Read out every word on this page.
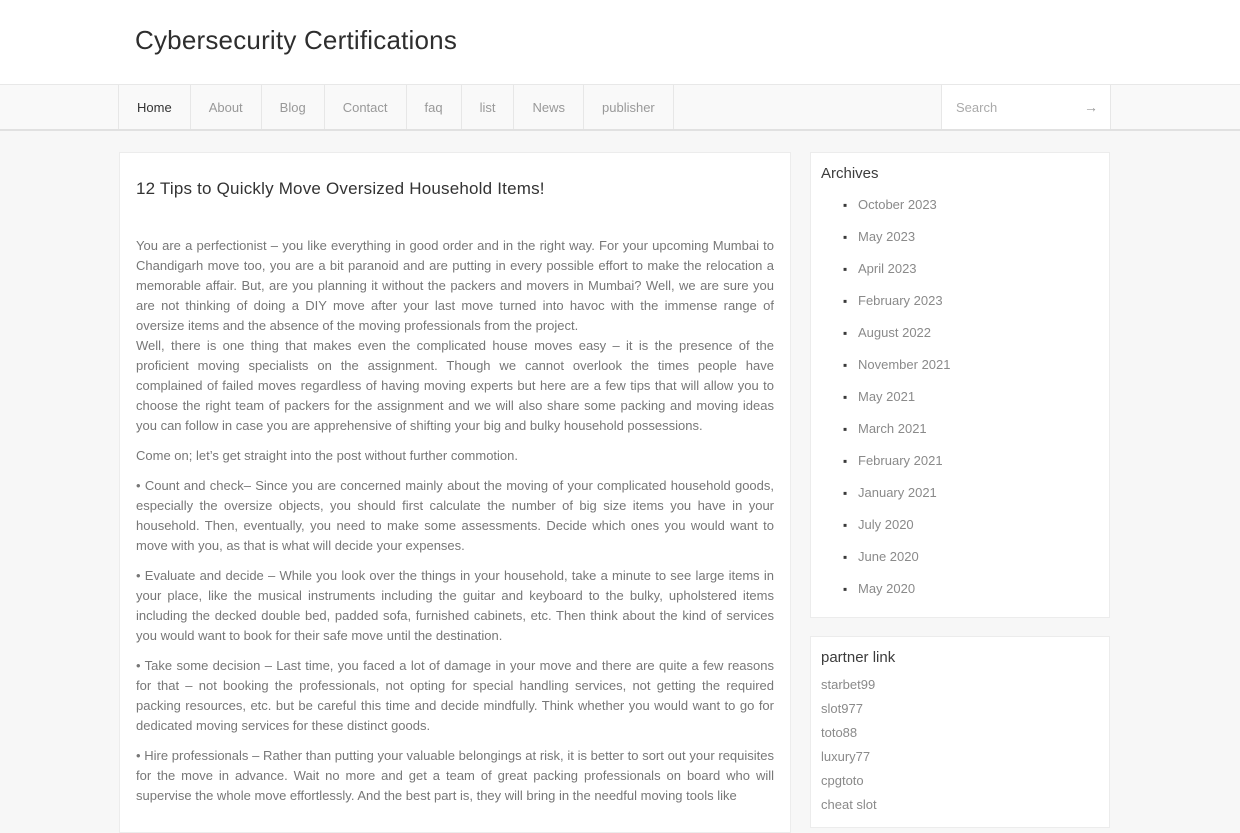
Cybersecurity Certifications
Home	About	Blog	Contact	faq	list	News	publisher
Search	→
12 Tips to Quickly Move Oversized Household Items!

You are a perfectionist – you like everything in good order and in the right way. For your upcoming Mumbai to Chandigarh move too, you are a bit paranoid and are putting in every possible effort to make the relocation a memorable affair. But, are you planning it without the packers and movers in Mumbai? Well, we are sure you are not thinking of doing a DIY move after your last move turned into havoc with the immense range of oversize items and the absence of the moving professionals from the project.

Well, there is one thing that makes even the complicated house moves easy – it is the presence of the proficient moving specialists on the assignment. Though we cannot overlook the times people have complained of failed moves regardless of having moving experts but here are a few tips that will allow you to choose the right team of packers for the assignment and we will also share some packing and moving ideas you can follow in case you are apprehensive of shifting your big and bulky household possessions.

Come on; let’s get straight into the post without further commotion.

• Count and check– Since you are concerned mainly about the moving of your complicated household goods, especially the oversize objects, you should first calculate the number of big size items you have in your household. Then, eventually, you need to make some assessments. Decide which ones you would want to move with you, as that is what will decide your expenses.

• Evaluate and decide – While you look over the things in your household, take a minute to see large items in your place, like the musical instruments including the guitar and keyboard to the bulky, upholstered items including the decked double bed, padded sofa, furnished cabinets, etc. Then think about the kind of services you would want to book for their safe move until the destination.

• Take some decision – Last time, you faced a lot of damage in your move and there are quite a few reasons for that – not booking the professionals, not opting for special handling services, not getting the required packing resources, etc. but be careful this time and decide mindfully. Think whether you would want to go for dedicated moving services for these distinct goods.

• Hire professionals – Rather than putting your valuable belongings at risk, it is better to sort out your requisites for the move in advance. Wait no more and get a team of great packing professionals on board who will supervise the whole move effortlessly. And the best part is, they will bring in the needful moving tools like

Archives
▪ October 2023
▪ May 2023
▪ April 2023
▪ February 2023
▪ August 2022
▪ November 2021
▪ May 2021
▪ March 2021
▪ February 2021
▪ January 2021
▪ July 2020
▪ June 2020
▪ May 2020
partner link
starbet99
slot977
toto88
luxury77
cpgtoto
cheat slot
